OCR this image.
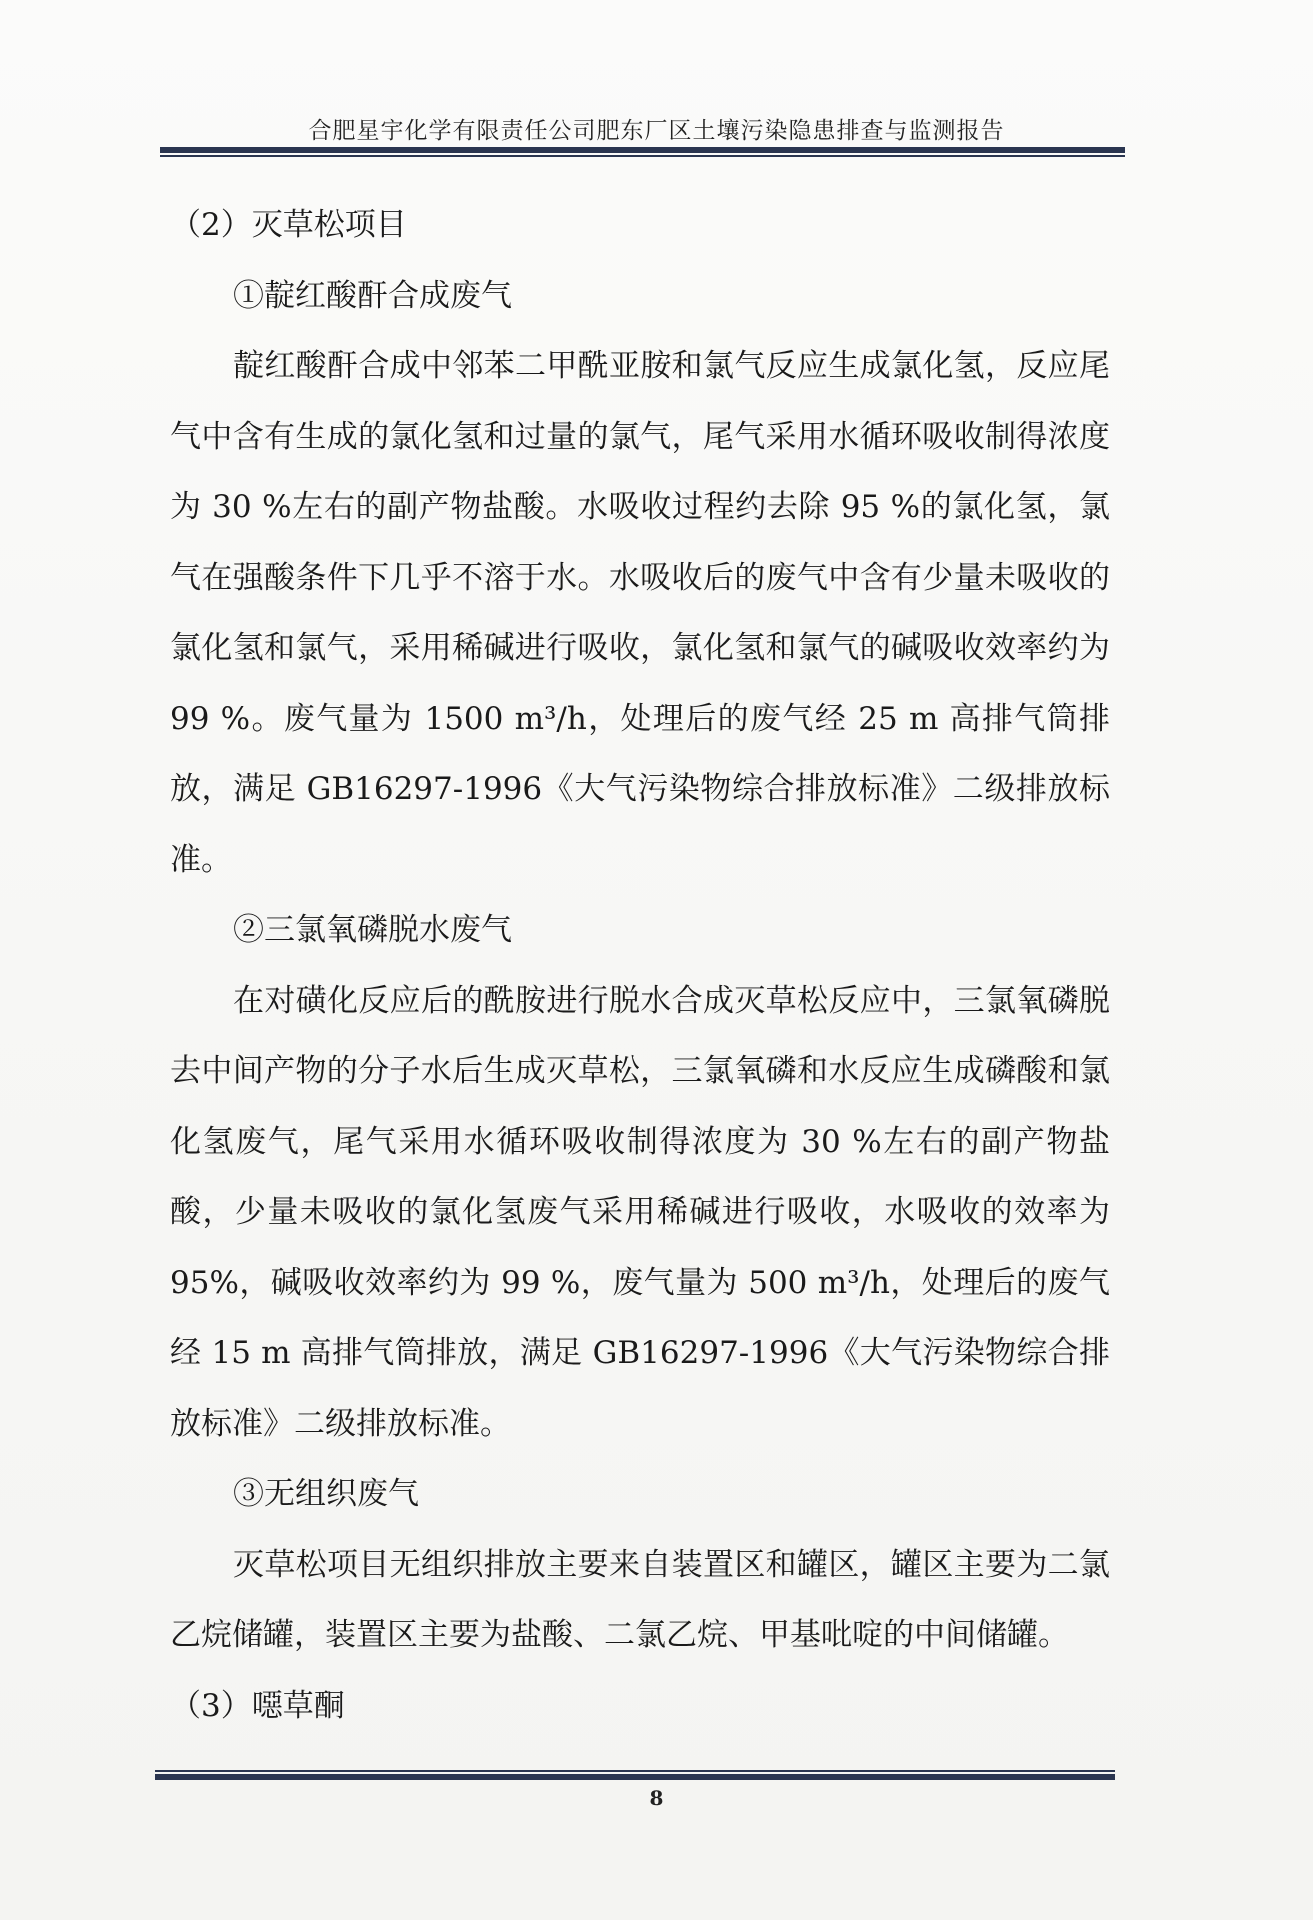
合肥星宇化学有限责任公司肥东厂区土壤污染隐患排查与监测报告

（2）灭草松项目

①靛红酸酐合成废气

靛红酸酐合成中邻苯二甲酰亚胺和氯气反应生成氯化氢，反应尾气中含有生成的氯化氢和过量的氯气，尾气采用水循环吸收制得浓度为 30 %左右的副产物盐酸。水吸收过程约去除 95 %的氯化氢，氯气在强酸条件下几乎不溶于水。水吸收后的废气中含有少量未吸收的氯化氢和氯气，采用稀碱进行吸收，氯化氢和氯气的碱吸收效率约为 99 %。废气量为 1500 m³/h，处理后的废气经 25 m 高排气筒排放，满足 GB16297-1996《大气污染物综合排放标准》二级排放标准。

②三氯氧磷脱水废气

在对磺化反应后的酰胺进行脱水合成灭草松反应中，三氯氧磷脱去中间产物的分子水后生成灭草松，三氯氧磷和水反应生成磷酸和氯化氢废气，尾气采用水循环吸收制得浓度为 30 %左右的副产物盐酸，少量未吸收的氯化氢废气采用稀碱进行吸收，水吸收的效率为 95%，碱吸收效率约为 99 %，废气量为 500 m³/h，处理后的废气经 15 m 高排气筒排放，满足 GB16297-1996《大气污染物综合排放标准》二级排放标准。

③无组织废气

灭草松项目无组织排放主要来自装置区和罐区，罐区主要为二氯乙烷储罐，装置区主要为盐酸、二氯乙烷、甲基吡啶的中间储罐。

（3）噁草酮

8
